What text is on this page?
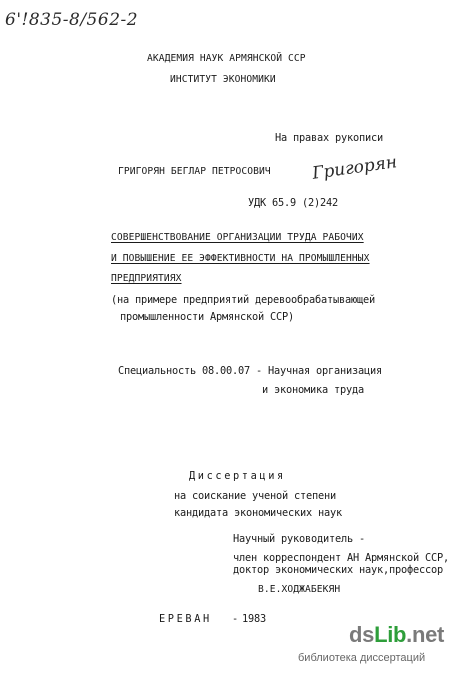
6'!835-8/562-2
АКАДЕМИЯ НАУК АРМЯНСКОЙ ССР
ИНСТИТУТ ЭКОНОМИКИ
На правах рукописи
ГРИГОРЯН БЕГЛАР ПЕТРОСОВИЧ Григорян
УДК 65.9 (2)242
СОВЕРШЕНСТВОВАНИЕ ОРГАНИЗАЦИИ ТРУДА РАБОЧИХ
И ПОВЫШЕНИЕ ЕЕ ЭФФЕКТИВНОСТИ НА ПРОМЫШЛЕННЫХ
ПРЕДПРИЯТИЯХ
(на примере предприятий деревообрабатывающей
промышленности Армянской ССР)
Специальность 08.00.07 - Научная организация
и экономика труда
Диссертация
на соискание ученой степени
кандидата экономических наук
Научный руководитель -
член корреспондент АН Армянской ССР,
доктор экономических наук,профессор
В.Е.ХОДЖАБЕКЯН
ЕРЕВАН - 1983
dsLib.net
библиотека диссертаций
